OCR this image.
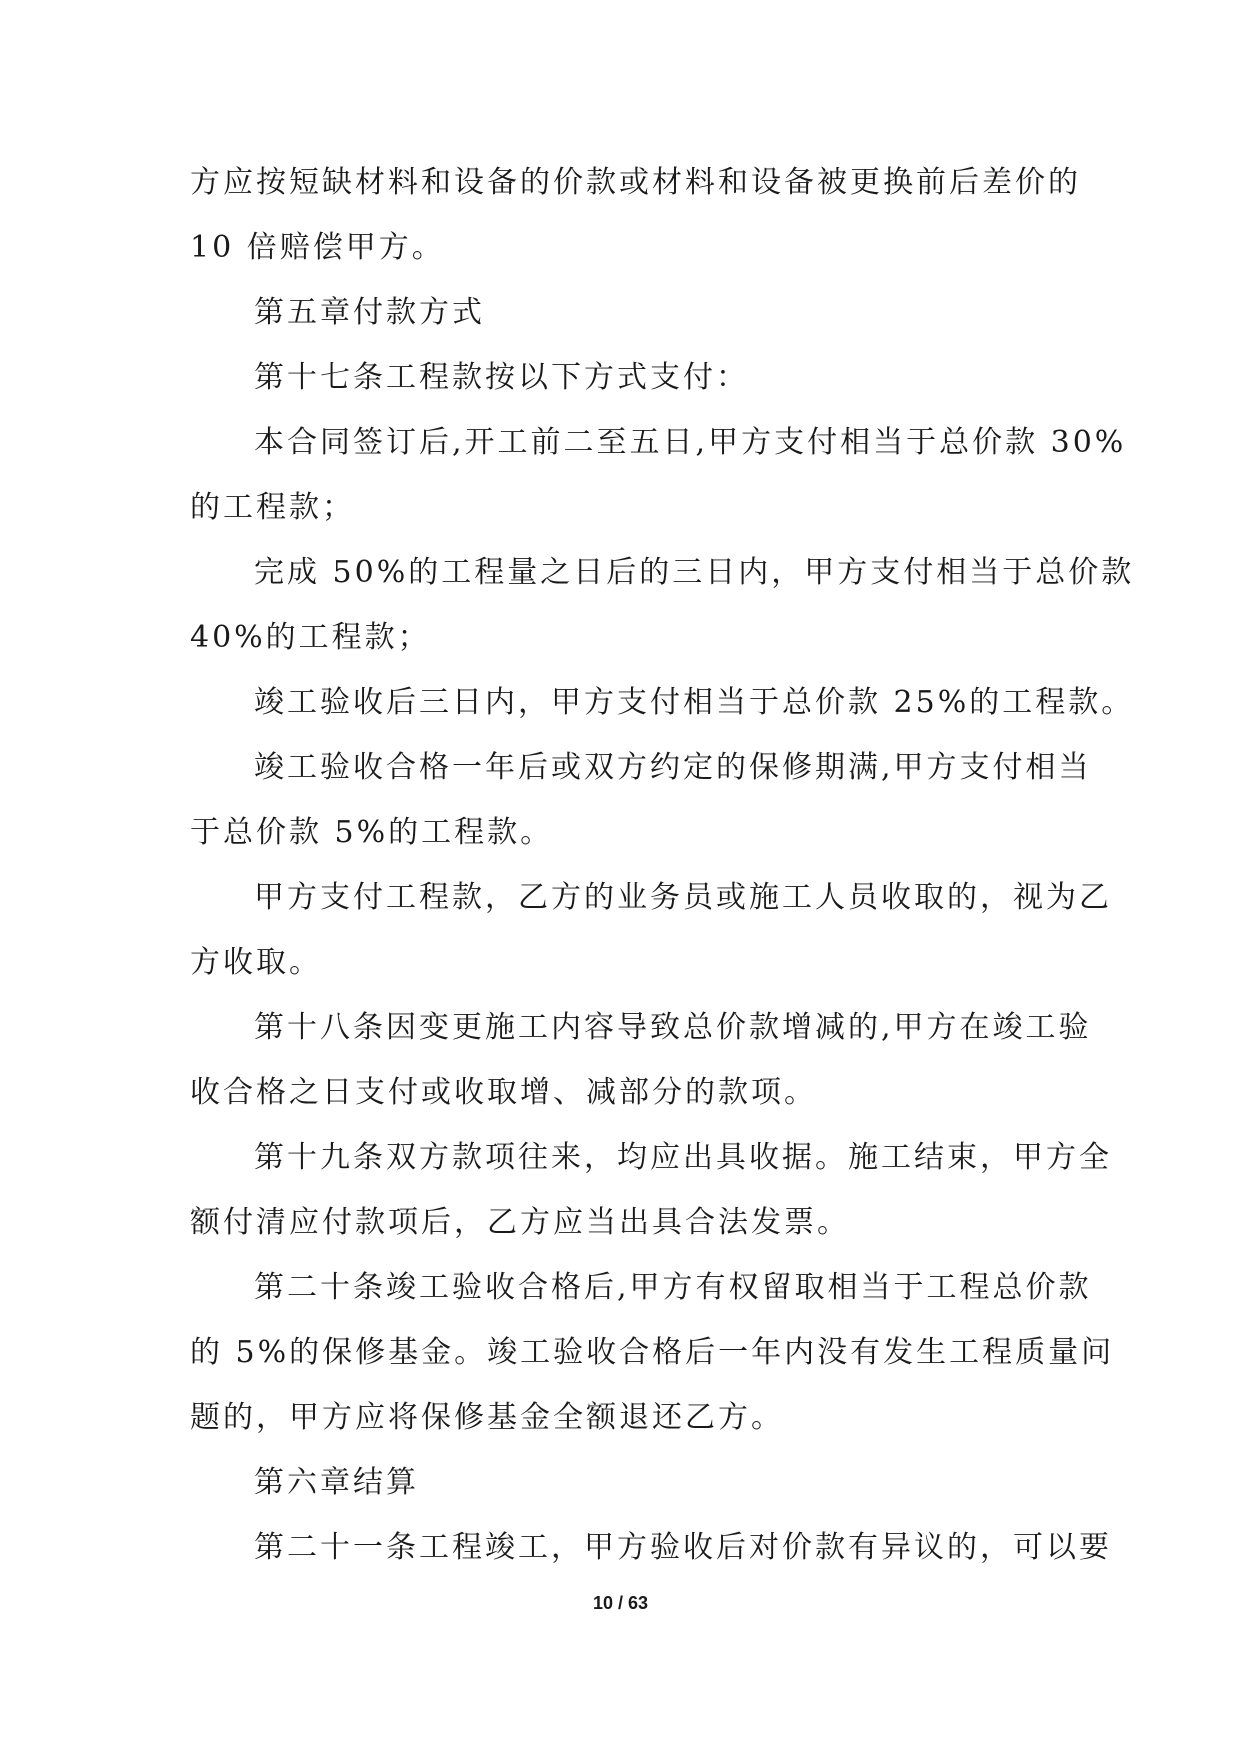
方应按短缺材料和设备的价款或材料和设备被更换前后差价的
10 倍赔偿甲方。
第五章付款方式
第十七条工程款按以下方式支付：
本合同签订后,开工前二至五日,甲方支付相当于总价款 30%
的工程款；
完成 50%的工程量之日后的三日内，甲方支付相当于总价款
40%的工程款；
竣工验收后三日内，甲方支付相当于总价款 25%的工程款。
竣工验收合格一年后或双方约定的保修期满,甲方支付相当
于总价款 5%的工程款。
甲方支付工程款，乙方的业务员或施工人员收取的，视为乙
方收取。
第十八条因变更施工内容导致总价款增减的,甲方在竣工验
收合格之日支付或收取增、减部分的款项。
第十九条双方款项往来，均应出具收据。施工结束，甲方全
额付清应付款项后，乙方应当出具合法发票。
第二十条竣工验收合格后,甲方有权留取相当于工程总价款
的 5%的保修基金。竣工验收合格后一年内没有发生工程质量问
题的，甲方应将保修基金全额退还乙方。
第六章结算
第二十一条工程竣工，甲方验收后对价款有异议的，可以要
10 / 63
